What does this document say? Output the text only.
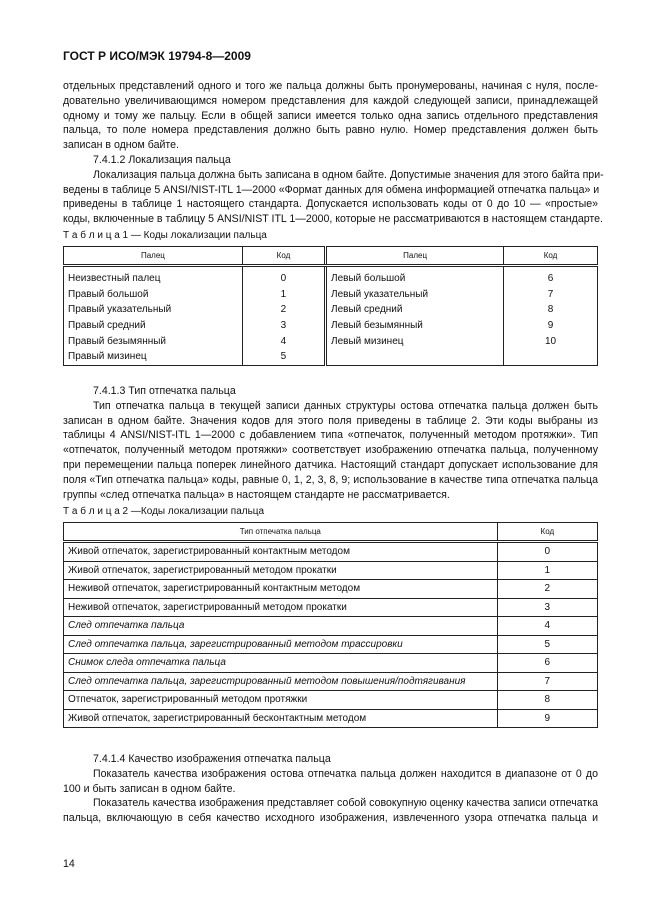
ГОСТ Р ИСО/МЭК 19794-8—2009
отдельных представлений одного и того же пальца должны быть пронумерованы, начиная с нуля, после-
довательно увеличивающимся номером представления для каждой следующей записи, принадлежащей
одному и тому же пальцу. Если в общей записи имеется только одна запись отдельного представления
пальца, то поле номера представления должно быть равно нулю. Номер представления должен быть
записан в одном байте.
7.4.1.2 Локализация пальца
Локализация пальца должна быть записана в одном байте. Допустимые значения для этого байта при-
ведены в таблице 5 ANSI/NIST-ITL 1—2000 «Формат данных для обмена информацией отпечатка пальца» и
приведены в таблице 1 настоящего стандарта. Допускается использовать коды от 0 до 10 — «простые»
коды, включенные в таблицу 5 ANSI/NIST ITL 1—2000, которые не рассматриваются в настоящем стандарте.
Т а б л и ц а 1 — Коды локализации пальца
Палец	Код	Палец	Код
Неизвестный палец	0	Левый большой	6
Правый большой	1	Левый указательный	7
Правый указательный	2	Левый средний	8
Правый средний	3	Левый безымянный	9
Правый безымянный	4	Левый мизинец	10
Правый мизинец	5		
7.4.1.3 Тип отпечатка пальца
Тип отпечатка пальца в текущей записи данных структуры остова отпечатка пальца должен быть
записан в одном байте. Значения кодов для этого поля приведены в таблице 2. Эти коды выбраны из
таблицы 4 ANSI/NIST-ITL 1—2000 с добавлением типа «отпечаток, полученный методом протяжки». Тип
«отпечаток, полученный методом протяжки» соответствует изображению отпечатка пальца, полученному
при перемещении пальца поперек линейного датчика. Настоящий стандарт допускает использование для
поля «Тип отпечатка пальца» коды, равные 0, 1, 2, 3, 8, 9; использование в качестве типа отпечатка пальца
группы «след отпечатка пальца» в настоящем стандарте не рассматривается.
Т а б л и ц а 2 —Коды локализации пальца
Тип отпечатка пальца	Код
Живой отпечаток, зарегистрированный контактным методом	0
Живой отпечаток, зарегистрированный методом прокатки	1
Неживой отпечаток, зарегистрированный контактным методом	2
Неживой отпечаток, зарегистрированный методом прокатки	3
След отпечатка пальца	4
След отпечатка пальца, зарегистрированный методом трассировки	5
Снимок следа отпечатка пальца	6
След отпечатка пальца, зарегистрированный методом повышения/подтягивания	7
Отпечаток, зарегистрированный методом протяжки	8
Живой отпечаток, зарегистрированный бесконтактным методом	9
7.4.1.4 Качество изображения отпечатка пальца
Показатель качества изображения остова отпечатка пальца должен находится в диапазоне от 0 до
100 и быть записан в одном байте.
Показатель качества изображения представляет собой совокупную оценку качества записи отпечатка
пальца, включающую в себя качество исходного изображения, извлеченного узора отпечатка пальца и
14
